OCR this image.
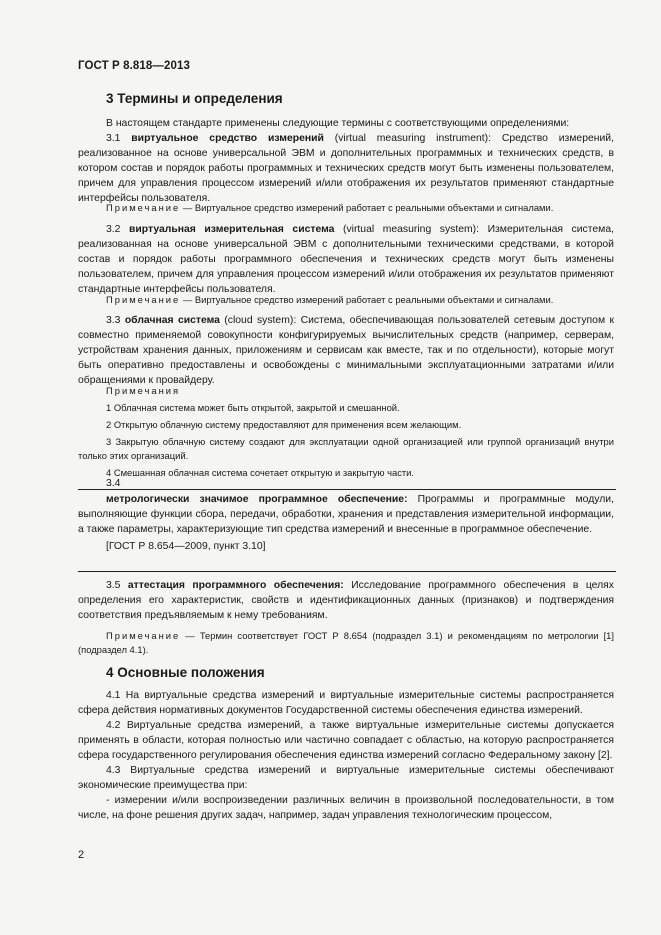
ГОСТ Р 8.818—2013
3 Термины и определения

В настоящем стандарте применены следующие термины с соответствующими определениями:

3.1 виртуальное средство измерений (virtual measuring instrument): Средство измерений, реализованное на основе универсальной ЭВМ и дополнительных программных и технических средств, в котором состав и порядок работы программных и технических средств могут быть изменены пользователем, причем для управления процессом измерений и/или отображения их результатов применяют стандартные интерфейсы пользователя.

Примечание — Виртуальное средство измерений работает с реальными объектами и сигналами.

3.2 виртуальная измерительная система (virtual measuring system): Измерительная система, реализованная на основе универсальной ЭВМ с дополнительными техническими средствами, в которой состав и порядок работы программного обеспечения и технических средств могут быть изменены пользователем, причем для управления процессом измерений и/или отображения их результатов применяют стандартные интерфейсы пользователя.

Примечание — Виртуальное средство измерений работает с реальными объектами и сигналами.

3.3 облачная система (cloud system): Система, обеспечивающая пользователей сетевым доступом к совместно применяемой совокупности конфигурируемых вычислительных средств (например, серверам, устройствам хранения данных, приложениям и сервисам как вместе, так и по отдельности), которые могут быть оперативно предоставлены и освобождены с минимальными эксплуатационными затратами и/или обращениями к провайдеру.

Примечания

1 Облачная система может быть открытой, закрытой и смешанной.

2 Открытую облачную систему предоставляют для применения всем желающим.

3 Закрытую облачную систему создают для эксплуатации одной организацией или группой организаций внутри только этих организаций.

4 Смешанная облачная система сочетает открытую и закрытую части.

3.4

метрологически значимое программное обеспечение: Программы и программные модули, выполняющие функции сбора, передачи, обработки, хранения и представления измерительной информации, а также параметры, характеризующие тип средства измерений и внесенные в программное обеспечение.

[ГОСТ Р 8.654—2009, пункт 3.10]

3.5 аттестация программного обеспечения: Исследование программного обеспечения в целях определения его характеристик, свойств и идентификационных данных (признаков) и подтверждения соответствия предъявляемым к нему требованиям.

Примечание — Термин соответствует ГОСТ Р 8.654 (подраздел 3.1) и рекомендациям по метрологии [1] (подраздел 4.1).

4 Основные положения

4.1 На виртуальные средства измерений и виртуальные измерительные системы распространяется сфера действия нормативных документов Государственной системы обеспечения единства измерений.

4.2 Виртуальные средства измерений, а также виртуальные измерительные системы допускается применять в области, которая полностью или частично совпадает с областью, на которую распространяется сфера государственного регулирования обеспечения единства измерений согласно Федеральному закону [2].

4.3 Виртуальные средства измерений и виртуальные измерительные системы обеспечивают экономические преимущества при:

- измерении и/или воспроизведении различных величин в произвольной последовательности, в том числе, на фоне решения других задач, например, задач управления технологическим процессом,

2
